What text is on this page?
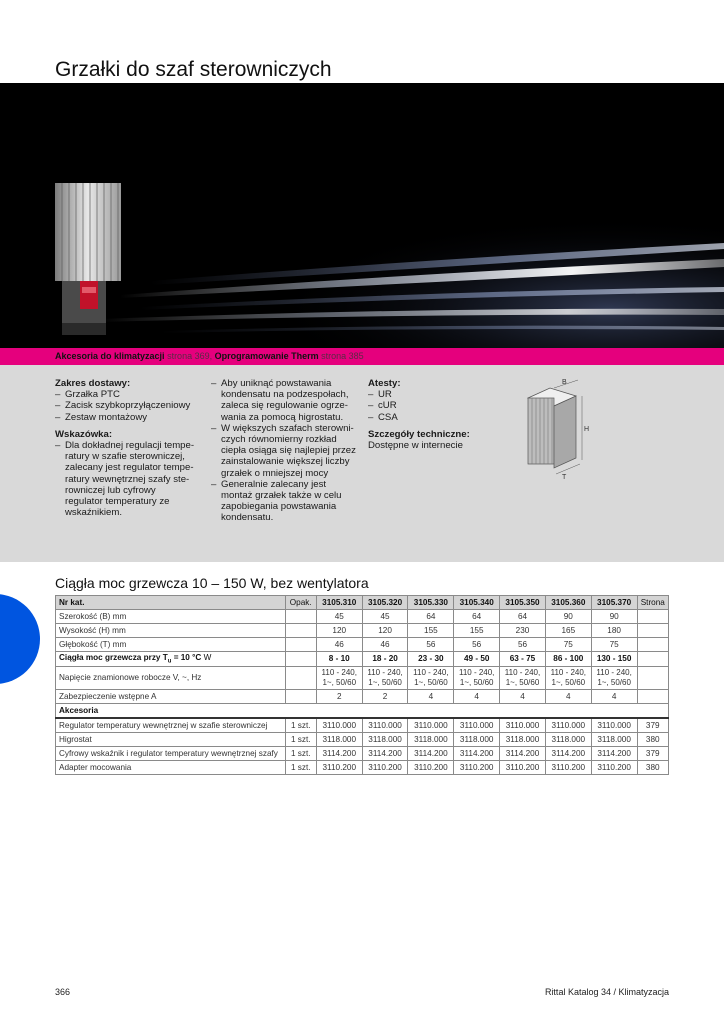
Grzałki do szaf sterowniczych
Akcesoria do klimatyzacji strona 369, Oprogramowanie Therm strona 385
Zakres dostawy:
– Grzałka PTC
– Zacisk szybkoprzyłączeniowy
– Zestaw montażowy
Wskazówka:
– Dla dokładnej regulacji tempe-ratury w szafie sterowniczej, zalecany jest regulator tempe-ratury wewnętrznej szafy ste-rowniczej lub cyfrowy regulator temperatury ze wskaźnikiem.
– Aby uniknąć powstawania kondensatu na podzespołach, zaleca się regulowanie ogrze-wania za pomocą higrostatu.
– W większych szafach sterowni-czych równomierny rozkład ciepła osiąga się najlepiej przez zainstalowanie większej liczby grzałek o mniejszej mocy
– Generalnie zalecany jest montaż grzałek także w celu zapobiegania powstawania kondensatu.
Atesty:
– UR
– cUR
– CSA
Szczegóły techniczne:

Dostępne w internecie

B
H
T
Ciągła moc grzewcza 10 – 150 W, bez wentylatora
Nr kat.	Opak.	3105.310	3105.320	3105.330	3105.340	3105.350	3105.360	3105.370	Strona
Szerokość (B) mm		45	45	64	64	64	90	90	
Wysokość (H) mm		120	120	155	155	230	165	180	
Głębokość (T) mm		46	46	56	56	56	75	75	
Ciągła moc grzewcza przy $T_u = 10$ °C W		8 - 10	18 - 20	23 - 30	49 - 50	63 - 75	86 - 100	130 - 150	
Napięcie znamionowe robocze V, ~, Hz		110 - 240,
1~, 50/60	110 - 240,
1~, 50/60	110 - 240,
1~, 50/60	110 - 240,
1~, 50/60	110 - 240,
1~, 50/60	110 - 240,
1~, 50/60	110 - 240,
1~, 50/60	
Zabezpieczenie wstępne A		2	2	4	4	4	4	4	
Akcesoria									
Regulator temperatury wewnętrznej w szafie sterowniczej	1 szt.	3110.000	3110.000	3110.000	3110.000	3110.000	3110.000	3110.000	379
Higrostat	1 szt.	3118.000	3118.000	3118.000	3118.000	3118.000	3118.000	3118.000	380
Cyfrowy wskaźnik i regulator temperatury wewnętrznej szafy	1 szt.	3114.200	3114.200	3114.200	3114.200	3114.200	3114.200	3114.200	379
Adapter mocowania	1 szt.	3110.200	3110.200	3110.200	3110.200	3110.200	3110.200	3110.200	380
366	Rittal Katalog 34 / Klimatyzacja
